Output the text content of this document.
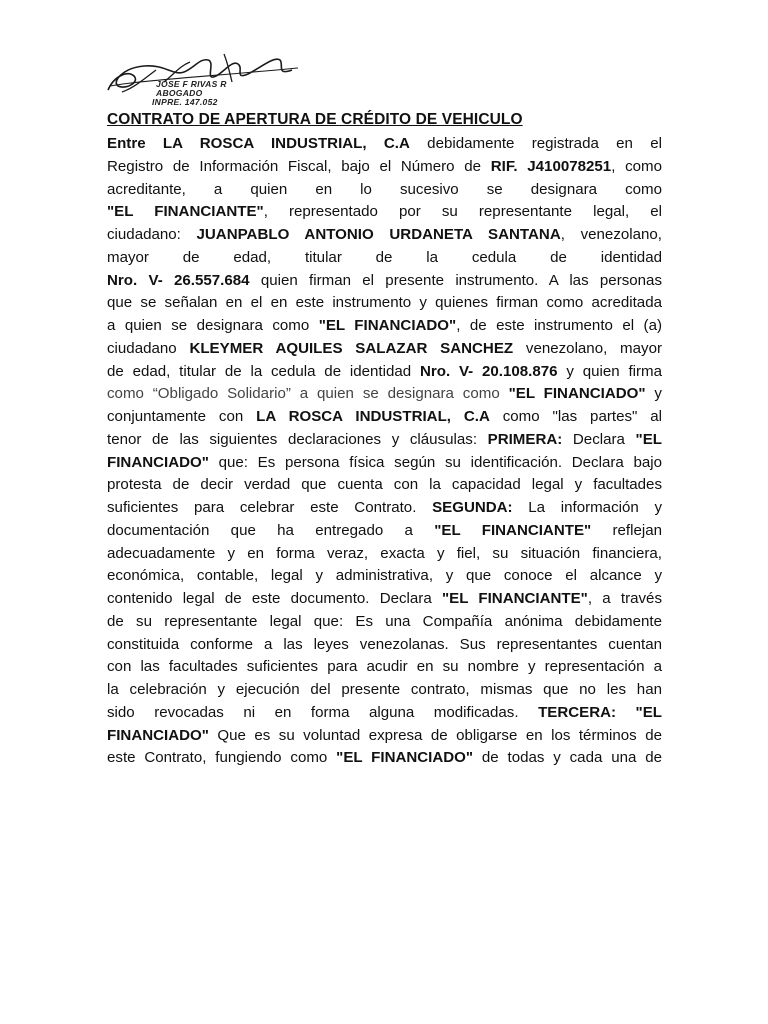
JOSE F RIVAS R
ABOGADO
INPRE. 147.052
CONTRATO DE APERTURA DE CRÉDITO DE VEHICULO
Entre LA ROSCA INDUSTRIAL, C.A debidamente registrada en el
Registro de Información Fiscal, bajo el Número de RIF. J410078251, como
acreditante, a quien en lo sucesivo se designara como
"EL FINANCIANTE", representado por su representante legal, el
ciudadano: JUANPABLO ANTONIO URDANETA SANTANA, venezolano,
mayor de edad, titular de la cedula de identidad
Nro. V- 26.557.684 quien firman el presente instrumento. A las personas
que se señalan en el en este instrumento y quienes firman como acreditada
a quien se designara como "EL FINANCIADO", de este instrumento el (a)
ciudadano KLEYMER AQUILES SALAZAR SANCHEZ venezolano, mayor
de edad, titular de la cedula de identidad Nro. V- 20.108.876 y quien firma
como “Obligado Solidario” a quien se designara como "EL FINANCIADO" y
conjuntamente con LA ROSCA INDUSTRIAL, C.A como "las partes" al
tenor de las siguientes declaraciones y cláusulas: PRIMERA: Declara "EL
FINANCIADO" que: Es persona física según su identificación. Declara bajo
protesta de decir verdad que cuenta con la capacidad legal y facultades
suficientes para celebrar este Contrato. SEGUNDA: La información y
documentación que ha entregado a "EL FINANCIANTE" reflejan
adecuadamente y en forma veraz, exacta y fiel, su situación financiera,
económica, contable, legal y administrativa, y que conoce el alcance y
contenido legal de este documento. Declara "EL FINANCIANTE", a través
de su representante legal que: Es una Compañía anónima debidamente
constituida conforme a las leyes venezolanas. Sus representantes cuentan
con las facultades suficientes para acudir en su nombre y representación a
la celebración y ejecución del presente contrato, mismas que no les han
sido revocadas ni en forma alguna modificadas. TERCERA: "EL
FINANCIADO" Que es su voluntad expresa de obligarse en los términos de
este Contrato, fungiendo como "EL FINANCIADO" de todas y cada una de
